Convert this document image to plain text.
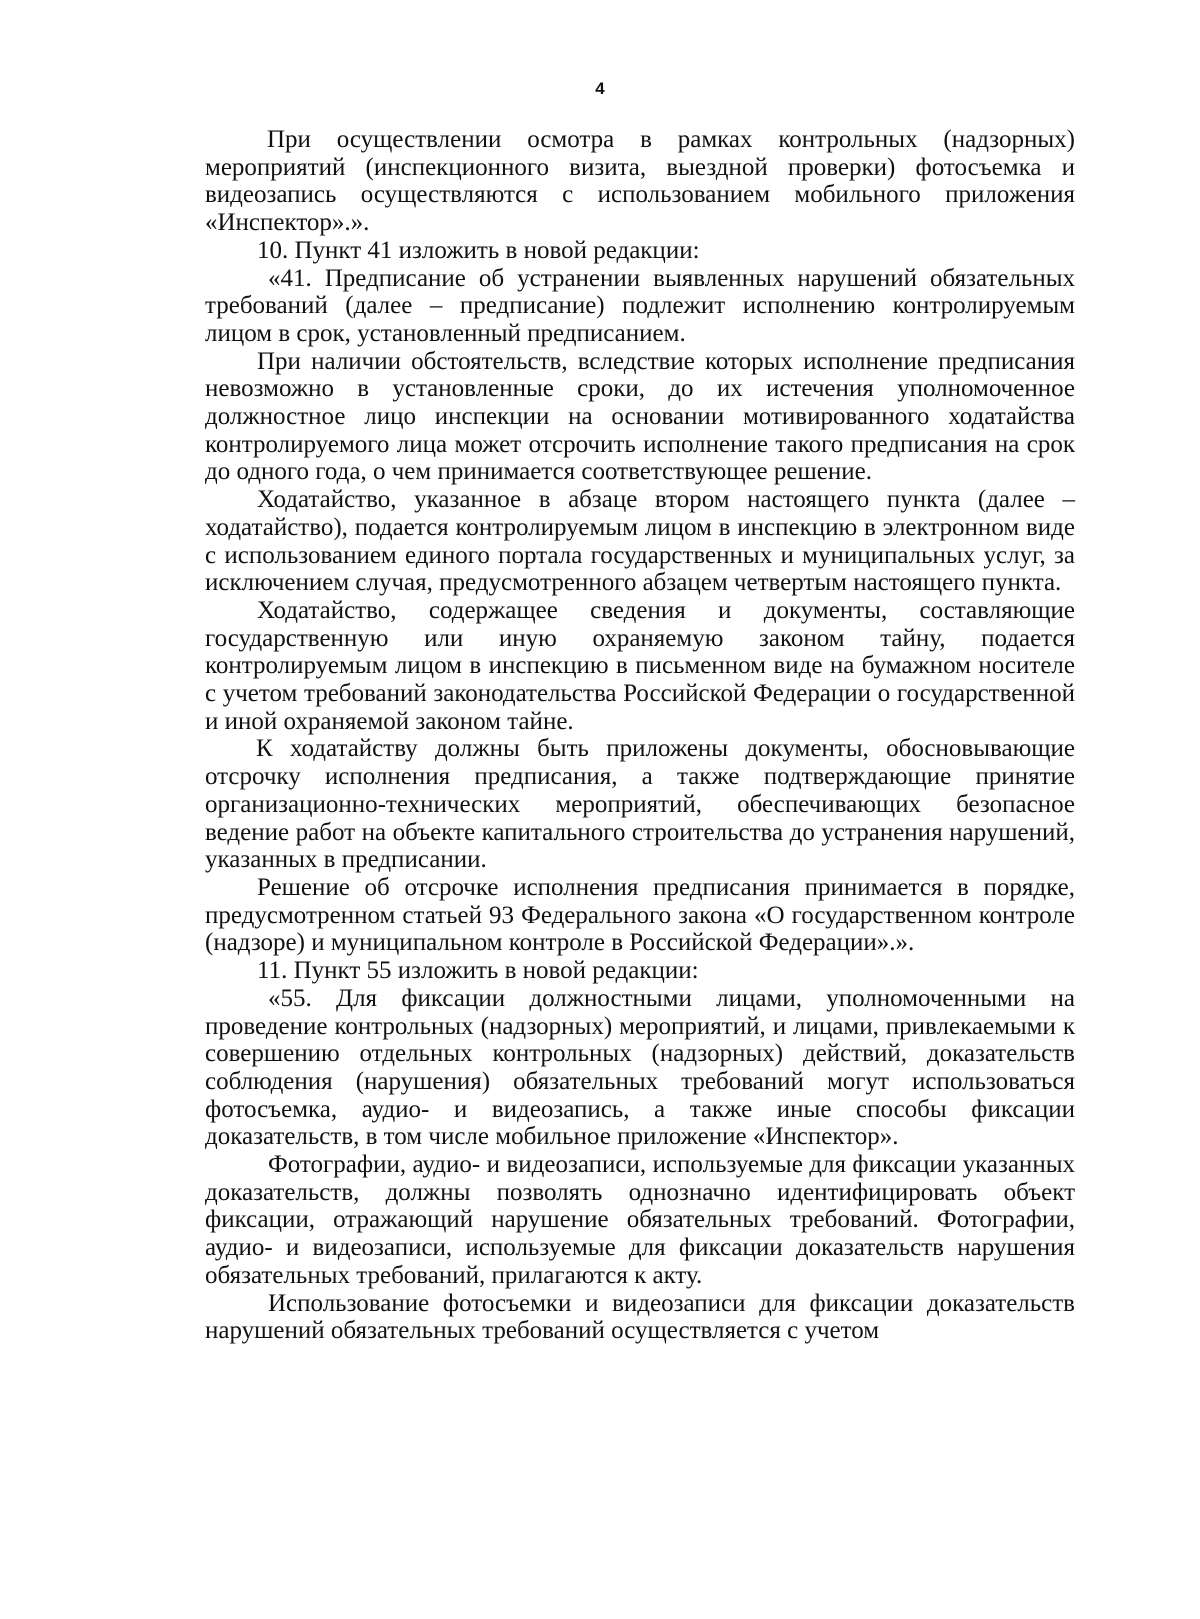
4

При осуществлении осмотра в рамках контрольных (надзорных) мероприятий (инспекционного визита, выездной проверки) фотосъемка и видеозапись осуществляются с использованием мобильного приложения «Инспектор».».

10. Пункт 41 изложить в новой редакции:

«41. Предписание об устранении выявленных нарушений обязательных требований (далее – предписание) подлежит исполнению контролируемым лицом в срок, установленный предписанием.

При наличии обстоятельств, вследствие которых исполнение предписания невозможно в установленные сроки, до их истечения уполномоченное должностное лицо инспекции на основании мотивированного ходатайства контролируемого лица может отсрочить исполнение такого предписания на срок до одного года, о чем принимается соответствующее решение.

Ходатайство, указанное в абзаце втором настоящего пункта (далее – ходатайство), подается контролируемым лицом в инспекцию в электронном виде с использованием единого портала государственных и муниципальных услуг, за исключением случая, предусмотренного абзацем четвертым настоящего пункта.

Ходатайство, содержащее сведения и документы, составляющие государственную или иную охраняемую законом тайну, подается контролируемым лицом в инспекцию в письменном виде на бумажном носителе с учетом требований законодательства Российской Федерации о государственной и иной охраняемой законом тайне.

К ходатайству должны быть приложены документы, обосновывающие отсрочку исполнения предписания, а также подтверждающие принятие организационно-технических мероприятий, обеспечивающих безопасное ведение работ на объекте капитального строительства до устранения нарушений, указанных в предписании.

Решение об отсрочке исполнения предписания принимается в порядке, предусмотренном статьей 93 Федерального закона «О государственном контроле (надзоре) и муниципальном контроле в Российской Федерации».».

11. Пункт 55 изложить в новой редакции:

«55. Для фиксации должностными лицами, уполномоченными на проведение контрольных (надзорных) мероприятий, и лицами, привлекаемыми к совершению отдельных контрольных (надзорных) действий, доказательств соблюдения (нарушения) обязательных требований могут использоваться фотосъемка, аудио- и видеозапись, а также иные способы фиксации доказательств, в том числе мобильное приложение «Инспектор».

Фотографии, аудио- и видеозаписи, используемые для фиксации указанных доказательств, должны позволять однозначно идентифицировать объект фиксации, отражающий нарушение обязательных требований. Фотографии, аудио- и видеозаписи, используемые для фиксации доказательств нарушения обязательных требований, прилагаются к акту.

Использование фотосъемки и видеозаписи для фиксации доказательств нарушений обязательных требований осуществляется с учетом
